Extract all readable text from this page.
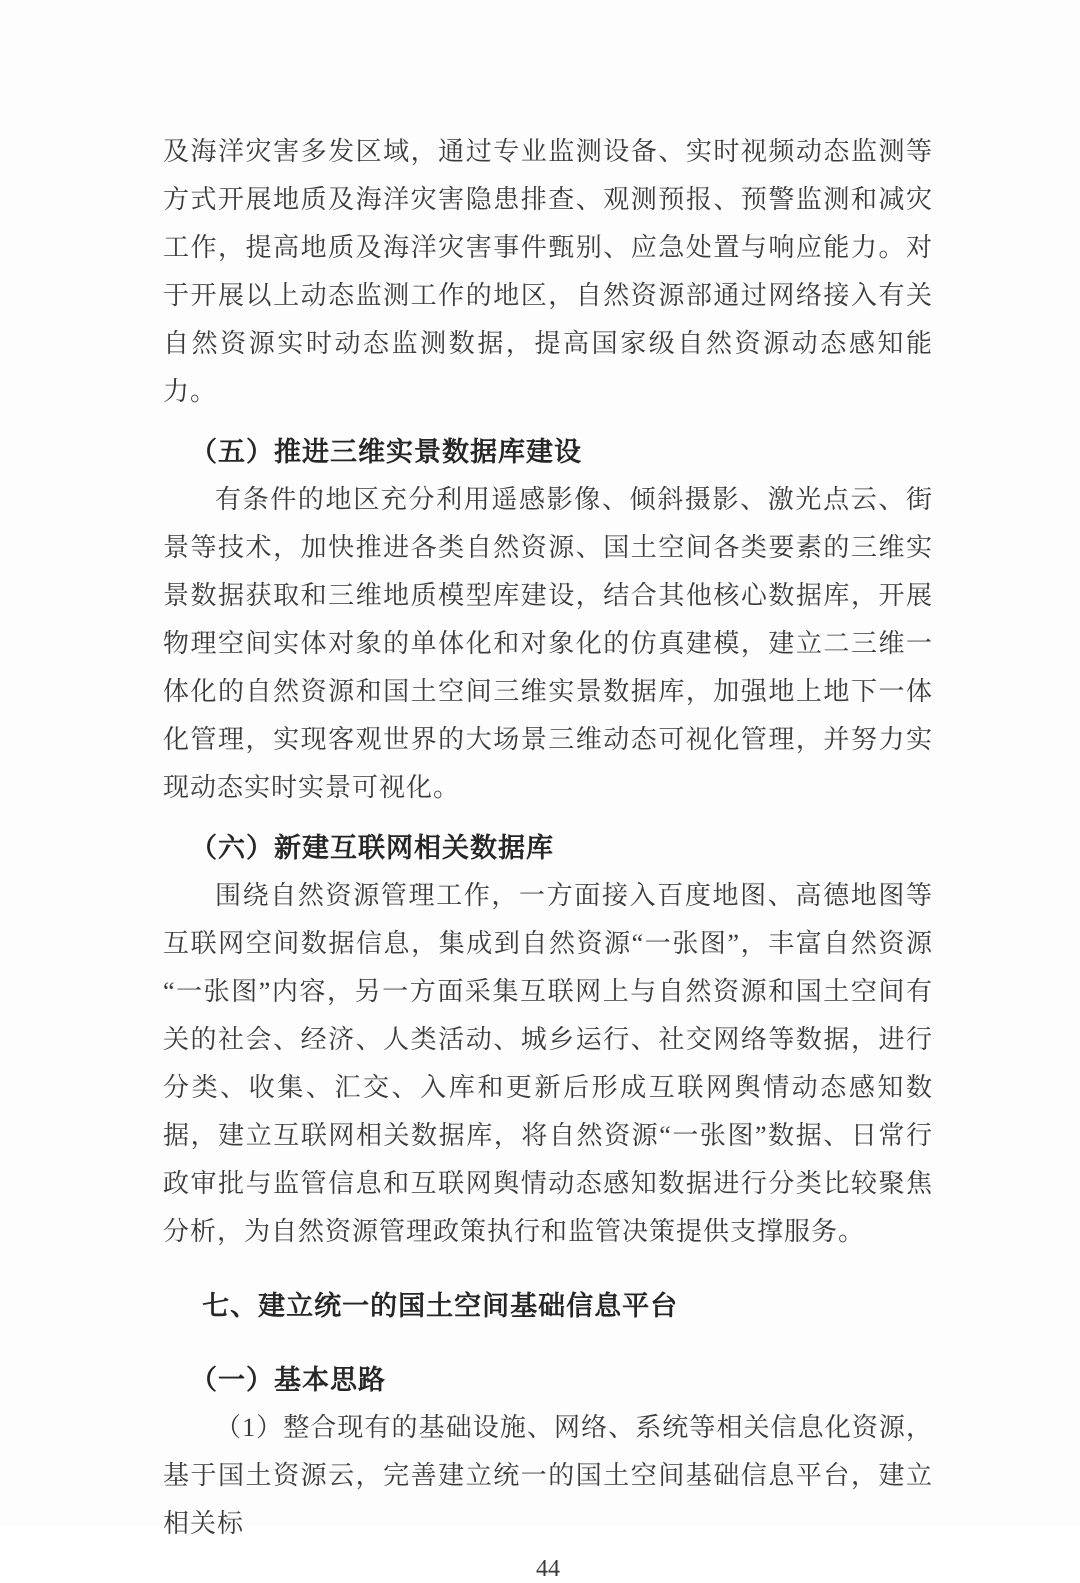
及海洋灾害多发区域，通过专业监测设备、实时视频动态监测等方式开展地质及海洋灾害隐患排查、观测预报、预警监测和减灾工作，提高地质及海洋灾害事件甄别、应急处置与响应能力。对于开展以上动态监测工作的地区，自然资源部通过网络接入有关自然资源实时动态监测数据，提高国家级自然资源动态感知能力。

（五）推进三维实景数据库建设

有条件的地区充分利用遥感影像、倾斜摄影、激光点云、街景等技术，加快推进各类自然资源、国土空间各类要素的三维实景数据获取和三维地质模型库建设，结合其他核心数据库，开展物理空间实体对象的单体化和对象化的仿真建模，建立二三维一体化的自然资源和国土空间三维实景数据库，加强地上地下一体化管理，实现客观世界的大场景三维动态可视化管理，并努力实现动态实时实景可视化。

（六）新建互联网相关数据库

围绕自然资源管理工作，一方面接入百度地图、高德地图等互联网空间数据信息，集成到自然资源“一张图”，丰富自然资源“一张图”内容，另一方面采集互联网上与自然资源和国土空间有关的社会、经济、人类活动、城乡运行、社交网络等数据，进行分类、收集、汇交、入库和更新后形成互联网舆情动态感知数据，建立互联网相关数据库，将自然资源“一张图”数据、日常行政审批与监管信息和互联网舆情动态感知数据进行分类比较聚焦分析，为自然资源管理政策执行和监管决策提供支撑服务。

七、建立统一的国土空间基础信息平台
（一）基本思路

（1）整合现有的基础设施、网络、系统等相关信息化资源，基于国土资源云，完善建立统一的国土空间基础信息平台，建立相关标

44
